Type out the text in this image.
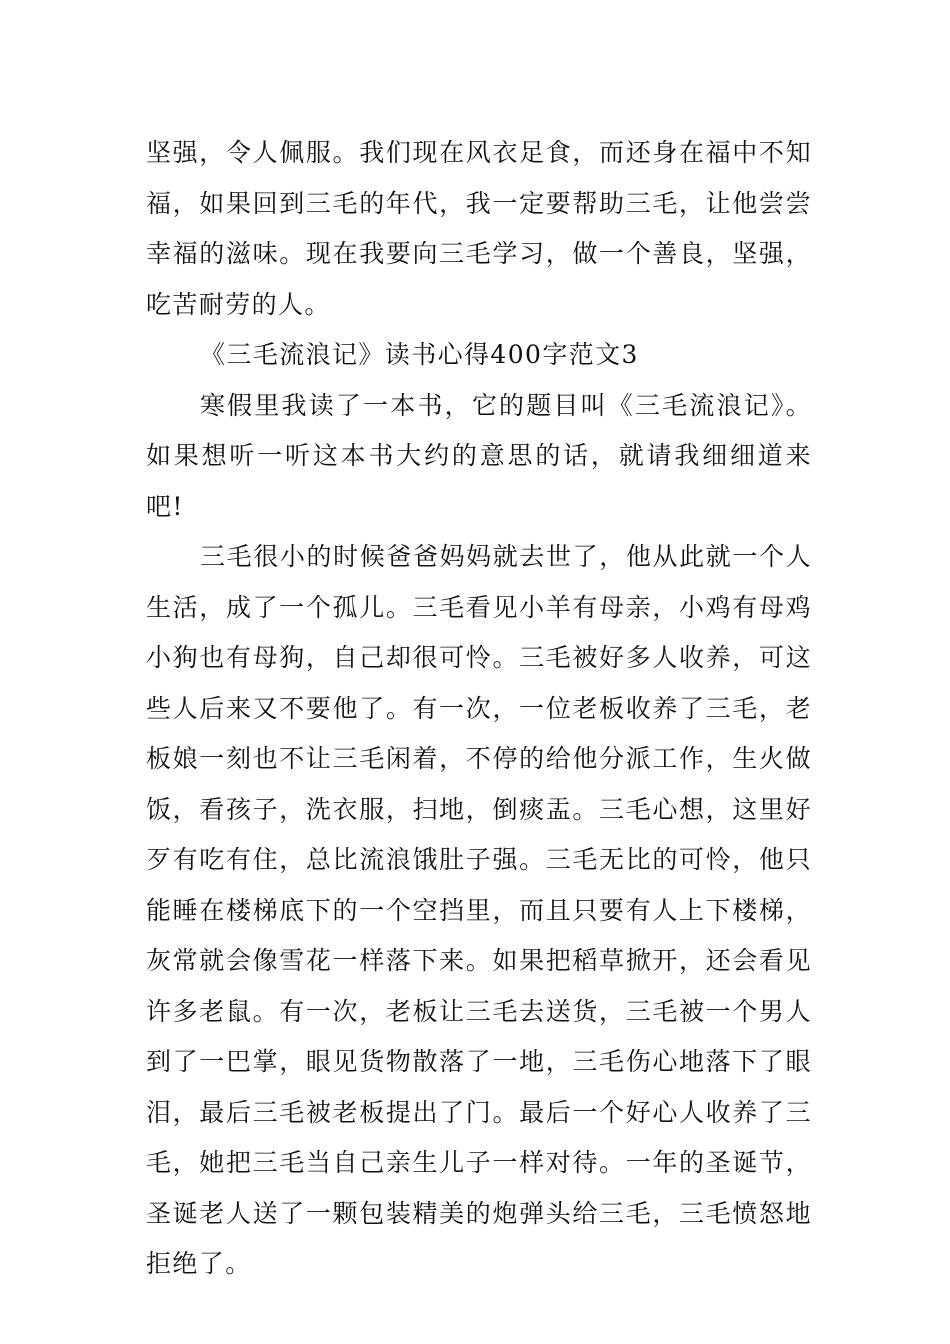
坚强，令人佩服。我们现在风衣足食，而还身在福中不知福，如果回到三毛的年代，我一定要帮助三毛，让他尝尝幸福的滋味。现在我要向三毛学习，做一个善良，坚强，吃苦耐劳的人。

《三毛流浪记》读书心得400字范文3

寒假里我读了一本书，它的题目叫《三毛流浪记》。如果想听一听这本书大约的意思的话，就请我细细道来吧!

三毛很小的时候爸爸妈妈就去世了，他从此就一个人生活，成了一个孤儿。三毛看见小羊有母亲，小鸡有母鸡小狗也有母狗，自己却很可怜。三毛被好多人收养，可这些人后来又不要他了。有一次，一位老板收养了三毛，老板娘一刻也不让三毛闲着，不停的给他分派工作，生火做饭，看孩子，洗衣服，扫地，倒痰盂。三毛心想，这里好歹有吃有住，总比流浪饿肚子强。三毛无比的可怜，他只能睡在楼梯底下的一个空挡里，而且只要有人上下楼梯，灰常就会像雪花一样落下来。如果把稻草掀开，还会看见许多老鼠。有一次，老板让三毛去送货，三毛被一个男人到了一巴掌，眼见货物散落了一地，三毛伤心地落下了眼泪，最后三毛被老板提出了门。最后一个好心人收养了三毛，她把三毛当自己亲生儿子一样对待。一年的圣诞节，圣诞老人送了一颗包装精美的炮弹头给三毛，三毛愤怒地拒绝了。
